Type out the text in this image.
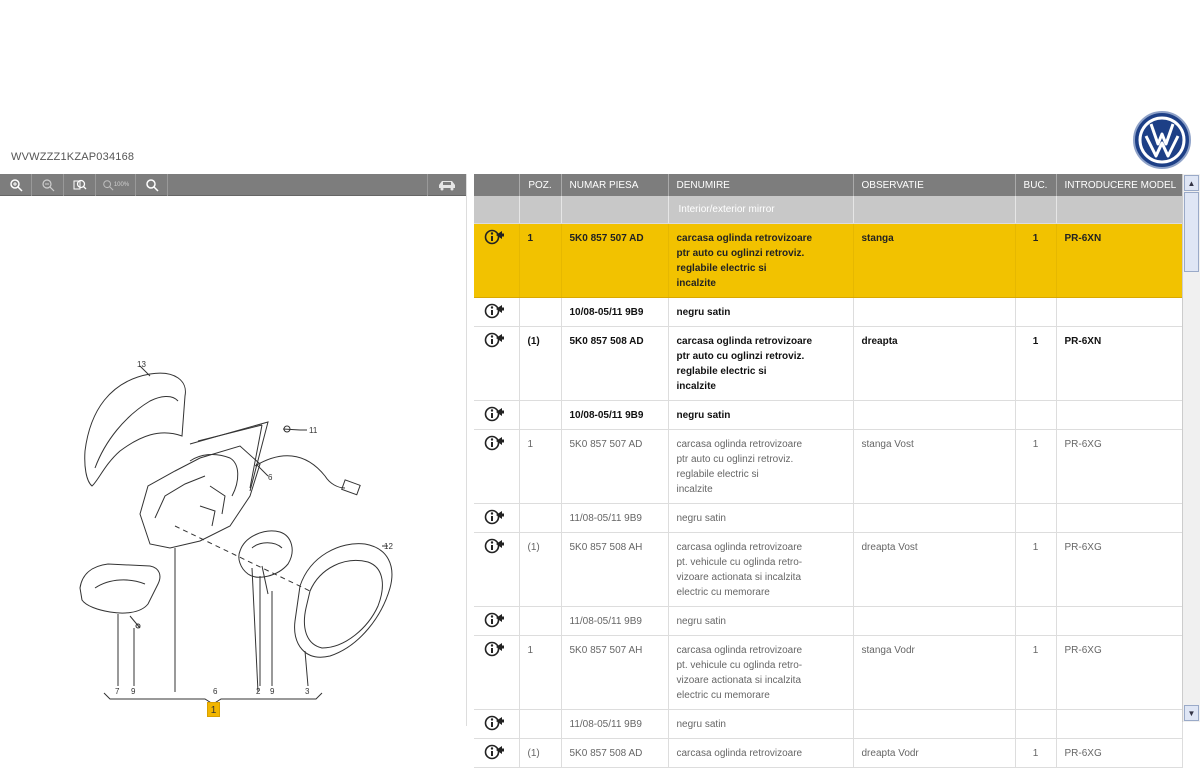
WVWZZZ1KZAP034168
100%
13
11
6
12
7 9	6	2 9	3
1
	POZ.	NUMAR PIESA	DENUMIRE	OBSERVATIE	BUC.	INTRODUCERE MODEL
			Interior/exterior mirror			

	1	5K0 857 507 AD	carcasa oglinda retrovizoare
ptr auto cu oglinzi retroviz.
reglabile electric si
incalzite	stanga	1	PR-6XN

		10/08-05/11 9B9	negru satin			

	(1)	5K0 857 508 AD	carcasa oglinda retrovizoare
ptr auto cu oglinzi retroviz.
reglabile electric si
incalzite	dreapta	1	PR-6XN

		10/08-05/11 9B9	negru satin			

	1	5K0 857 507 AD	carcasa oglinda retrovizoare
ptr auto cu oglinzi retroviz.
reglabile electric si
incalzite	stanga Vost	1	PR-6XG

		11/08-05/11 9B9	negru satin			

	(1)	5K0 857 508 AH	carcasa oglinda retrovizoare
pt. vehicule cu oglinda retro-
vizoare actionata si incalzita
electric cu memorare	dreapta Vost	1	PR-6XG

		11/08-05/11 9B9	negru satin			

	1	5K0 857 507 AH	carcasa oglinda retrovizoare
pt. vehicule cu oglinda retro-
vizoare actionata si incalzita
electric cu memorare	stanga Vodr	1	PR-6XG

		11/08-05/11 9B9	negru satin			

	(1)	5K0 857 508 AD	carcasa oglinda retrovizoare	dreapta Vodr	1	PR-6XG
▲
▼
